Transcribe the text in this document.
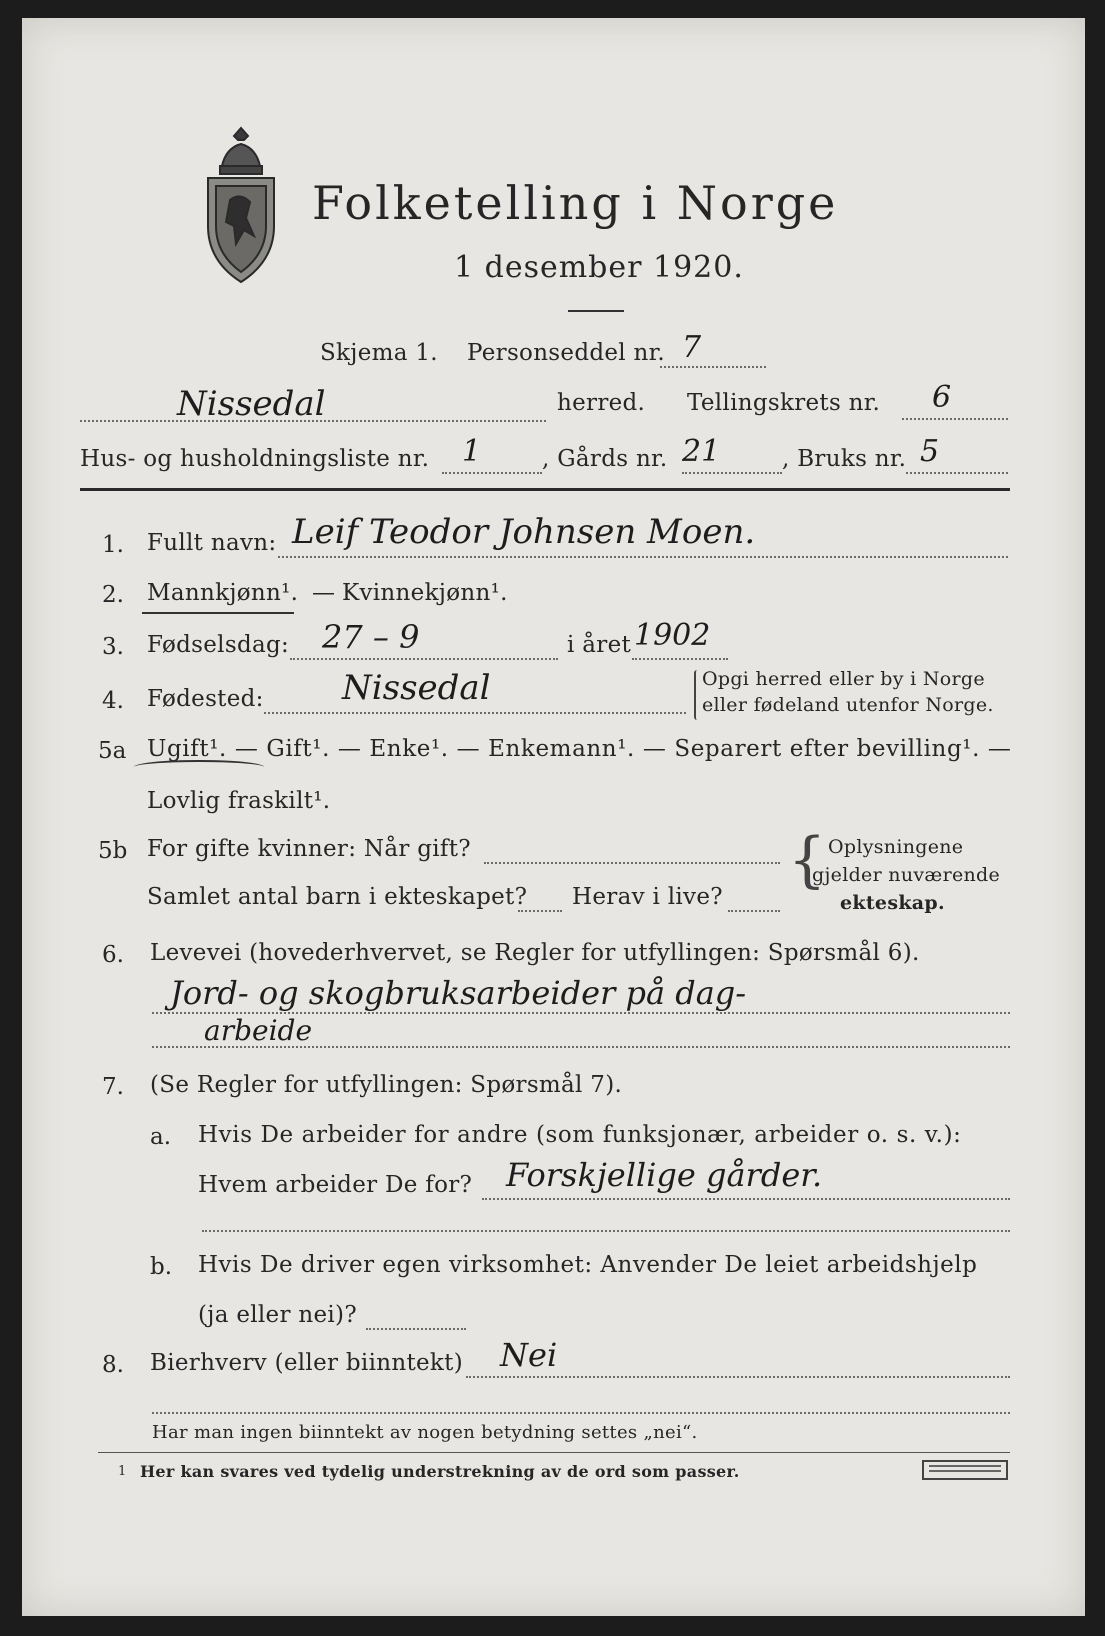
Folketelling i Norge
1 desember 1920.
Skjema 1. Personseddel nr. 7
Nissedal	herred. Tellingskrets nr. 6
Hus- og husholdningsliste nr. 1	, Gårds nr. 21	, Bruks nr. 5
1. Fullt navn: Leif Teodor Johnsen Moen.
2. Mannkjønn¹. — Kvinnekjønn¹.
3. Fødselsdag: 27 – 9	i året 1902
4. Fødested: Nissedal	Opgi herred eller by i Norge
eller fødeland utenfor Norge.
5a Ugift¹. — Gift¹. — Enke¹. — Enkemann¹. — Separert efter bevilling¹. —
Lovlig fraskilt¹.
5b For gifte kvinner: Når gift?
Samlet antal barn i ekteskapet? Herav i live?
{ Oplysningene
gjelder nuværende
ekteskap.
6. Levevei (hovederhvervet, se Regler for utfyllingen: Spørsmål 6).
Jord- og skogbruksarbeider på dag-
arbeide
7. (Se Regler for utfyllingen: Spørsmål 7).
a. Hvis De arbeider for andre (som funksjonær, arbeider o. s. v.):
Hvem arbeider De for? Forskjellige gårder.
b. Hvis De driver egen virksomhet: Anvender De leiet arbeidshjelp
(ja eller nei)?
8. Bierhverv (eller biinntekt) Nei
Har man ingen biinntekt av nogen betydning settes „nei“.
1 Her kan svares ved tydelig understrekning av de ord som passer.
